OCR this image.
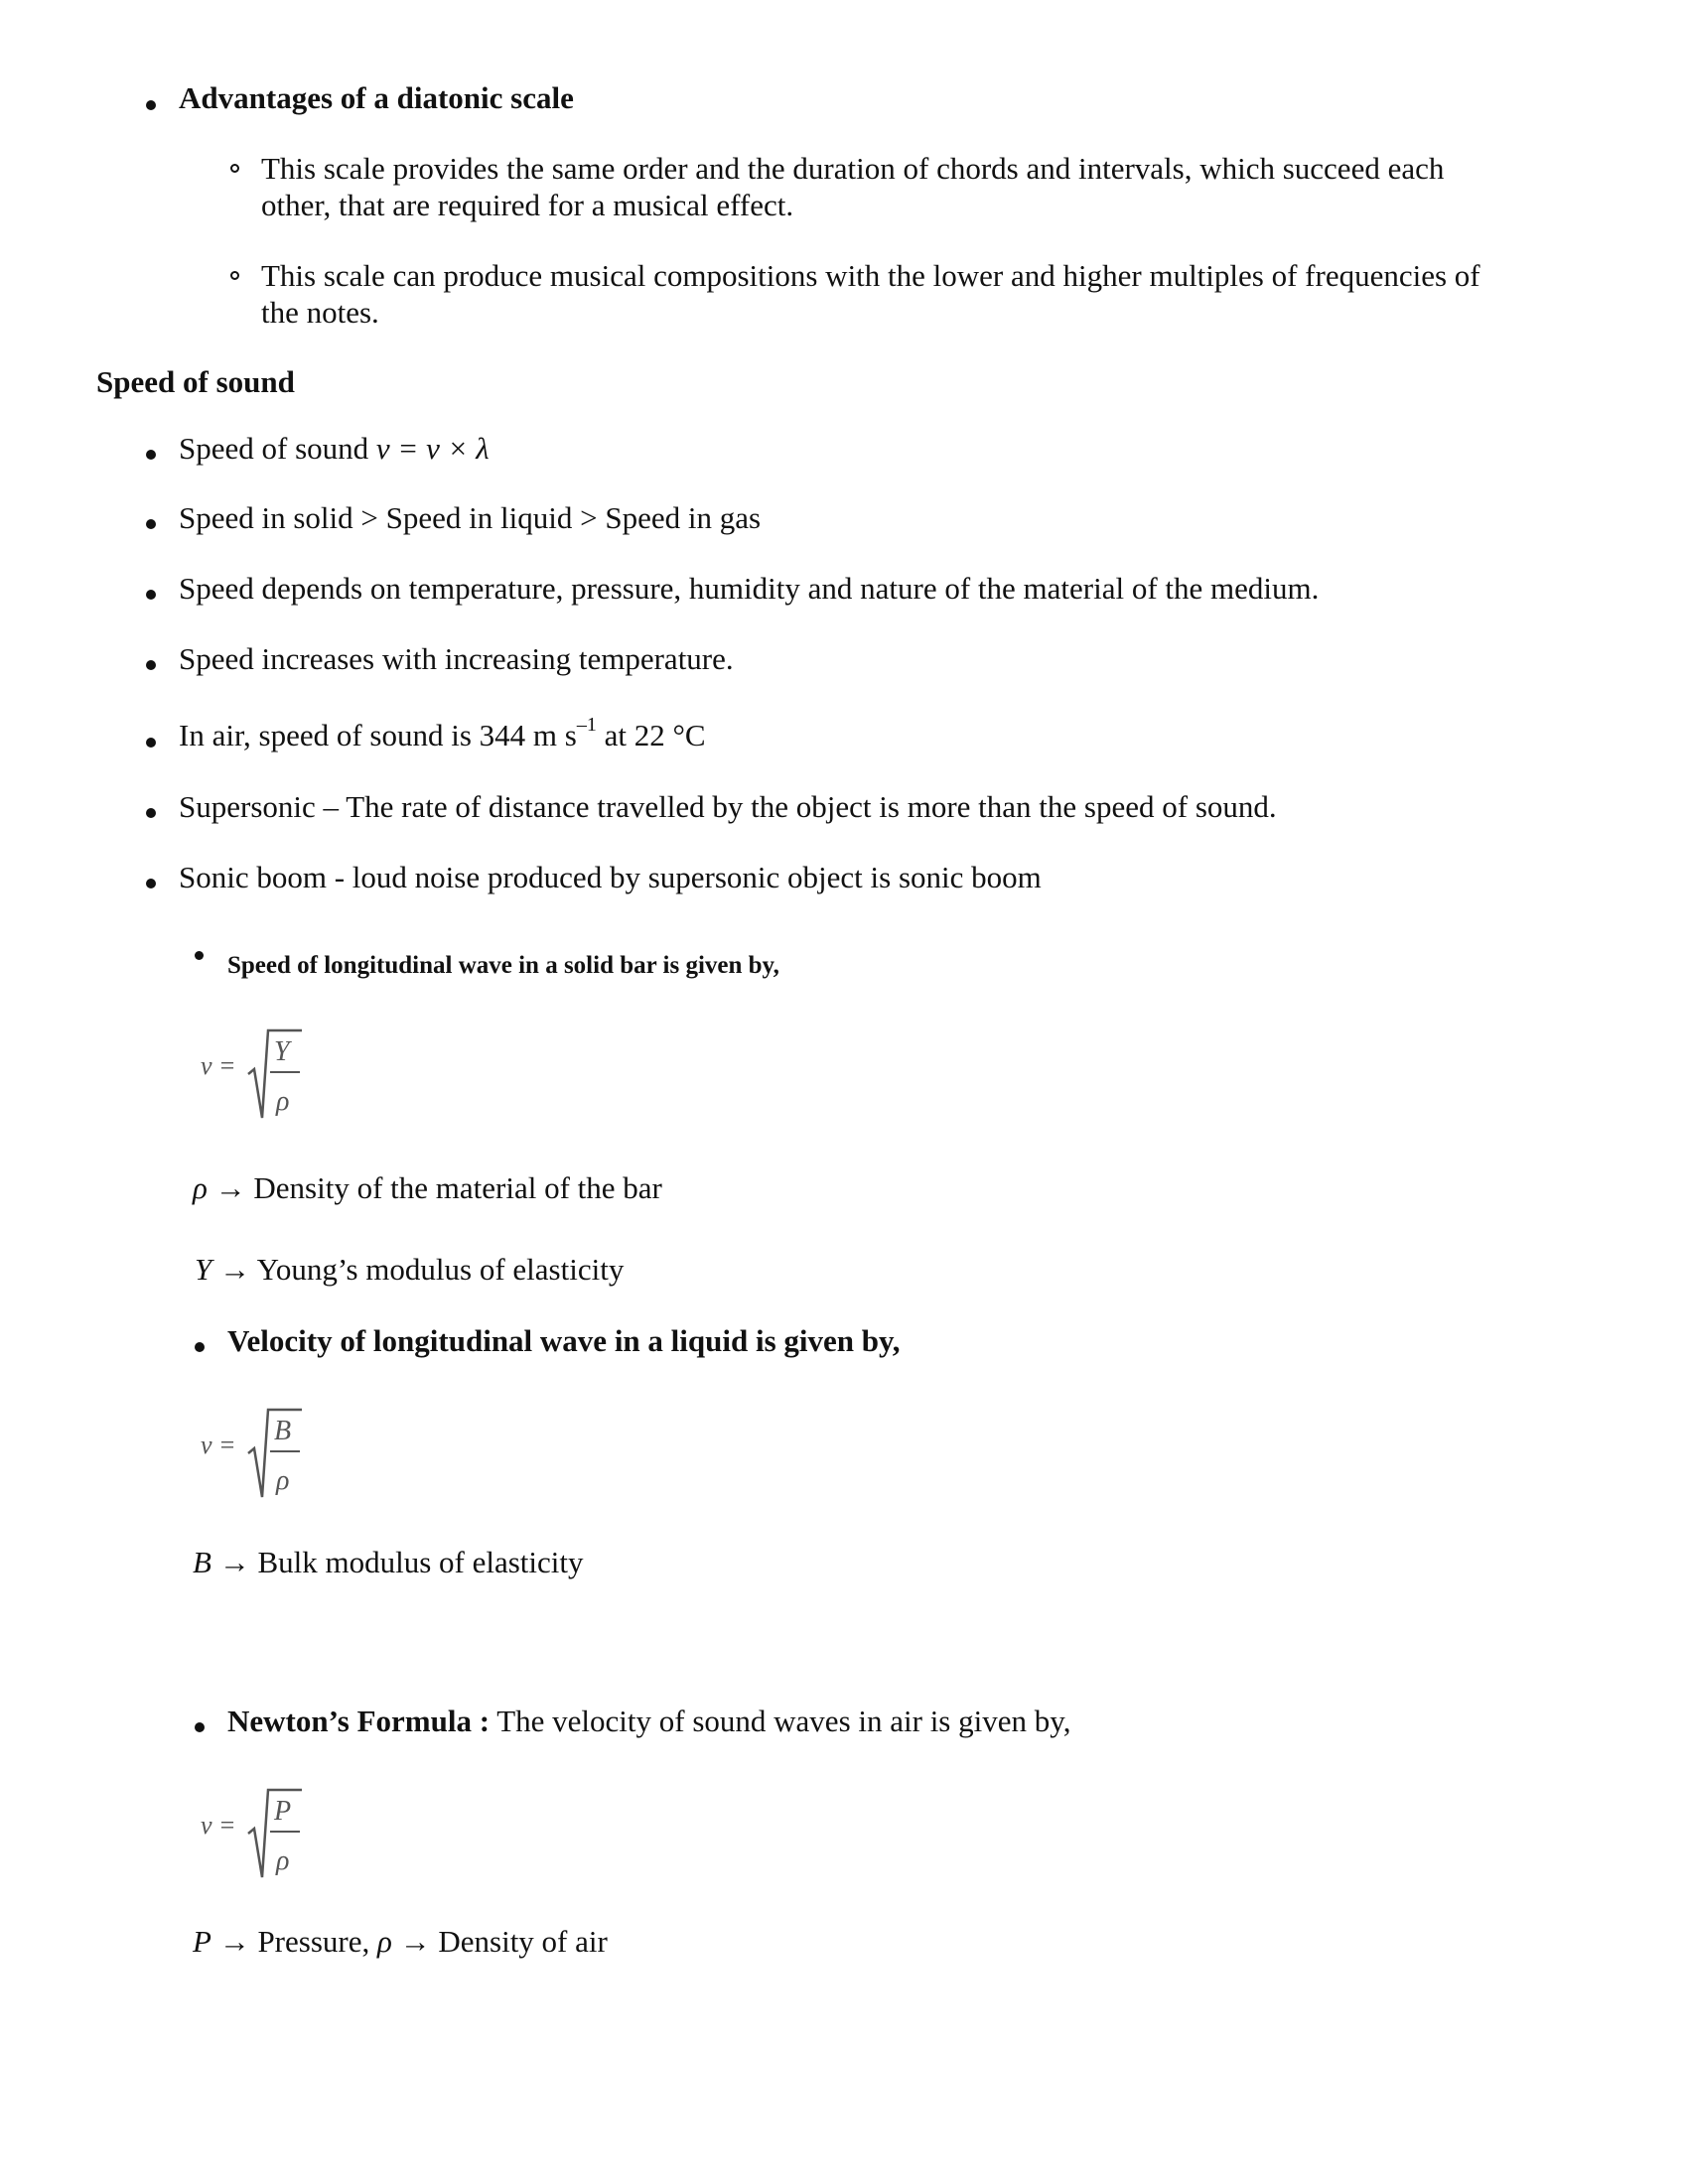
Advantages of a diatonic scale
This scale provides the same order and the duration of chords and intervals, which succeed each
other, that are required for a musical effect.
This scale can produce musical compositions with the lower and higher multiples of frequencies of
the notes.
Speed of sound
Speed of sound v = ν × λ
Speed in solid > Speed in liquid > Speed in gas
Speed depends on temperature, pressure, humidity and nature of the material of the medium.
Speed increases with increasing temperature.
In air, speed of sound is 344 m $s^{-1}$ at 22 °C
Supersonic – The rate of distance travelled by the object is more than the speed of sound.
Sonic boom - loud noise produced by supersonic object is sonic boom
Speed of longitudinal wave in a solid bar is given by,
v = Y
ρ
ρ → Density of the material of the bar
Y → Young’s modulus of elasticity
Velocity of longitudinal wave in a liquid is given by,
v = B
ρ
B → Bulk modulus of elasticity
Newton’s Formula : The velocity of sound waves in air is given by,
v = P
ρ
P → Pressure, ρ → Density of air
